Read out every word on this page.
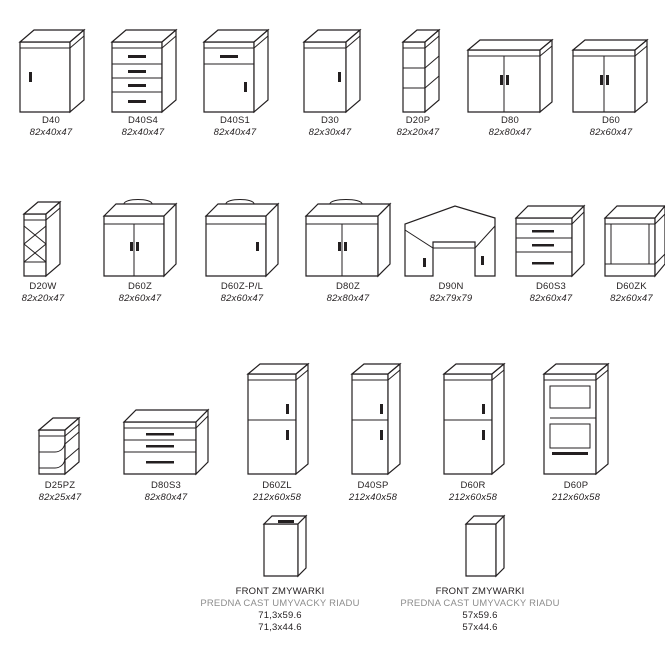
D40
82x40x47
D40S4
82x40x47
D40S1
82x40x47
D30
82x30x47
D20P
82x20x47
D80
82x80x47
D60
82x60x47
D20W
82x20x47
D60Z
82x60x47
D60Z-P/L
82x60x47
D80Z
82x80x47
D90N
82x79x79
D60S3
82x60x47
D60ZK
82x60x47
D25PZ
82x25x47
D80S3
82x80x47
D60ZL
212x60x58
D40SP
212x40x58
D60R
212x60x58
D60P
212x60x58
FRONT ZMYWARKI
PREDNA CAST UMYVACKY RIADU
71,3x59.6
71,3x44.6
FRONT ZMYWARKI
PREDNA CAST UMYVACKY RIADU
57x59.6
57x44.6
